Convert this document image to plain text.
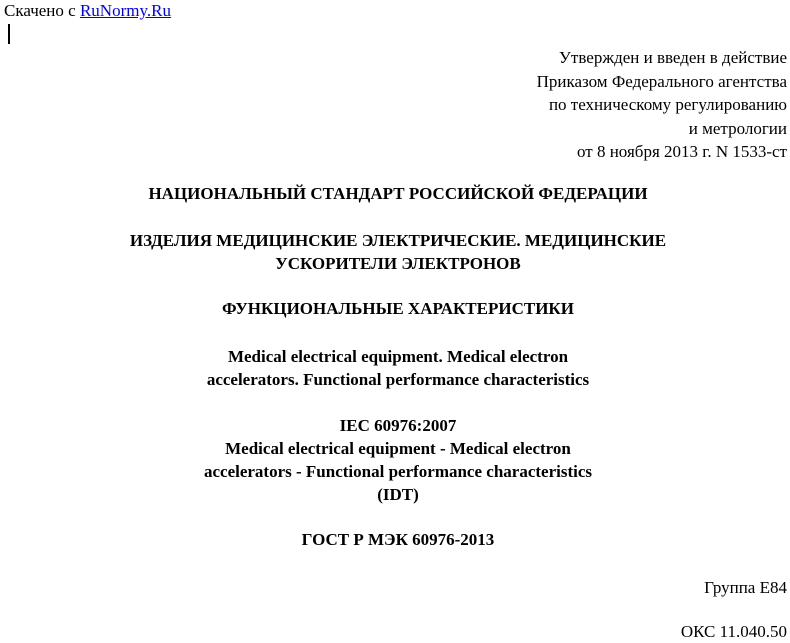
Скачено с RuNormy.Ru
Утвержден и введен в действие
Приказом Федерального агентства
по техническому регулированию
и метрологии
от 8 ноября 2013 г. N 1533-ст
НАЦИОНАЛЬНЫЙ СТАНДАРТ РОССИЙСКОЙ ФЕДЕРАЦИИ
ИЗДЕЛИЯ МЕДИЦИНСКИЕ ЭЛЕКТРИЧЕСКИЕ. МЕДИЦИНСКИЕ
УСКОРИТЕЛИ ЭЛЕКТРОНОВ
ФУНКЦИОНАЛЬНЫЕ ХАРАКТЕРИСТИКИ
Medical electrical equipment. Medical electron
accelerators. Functional performance characteristics
IEC 60976:2007
Medical electrical equipment - Medical electron
accelerators - Functional performance characteristics
(IDT)
ГОСТ Р МЭК 60976-2013
Группа Е84
ОКС 11.040.50
